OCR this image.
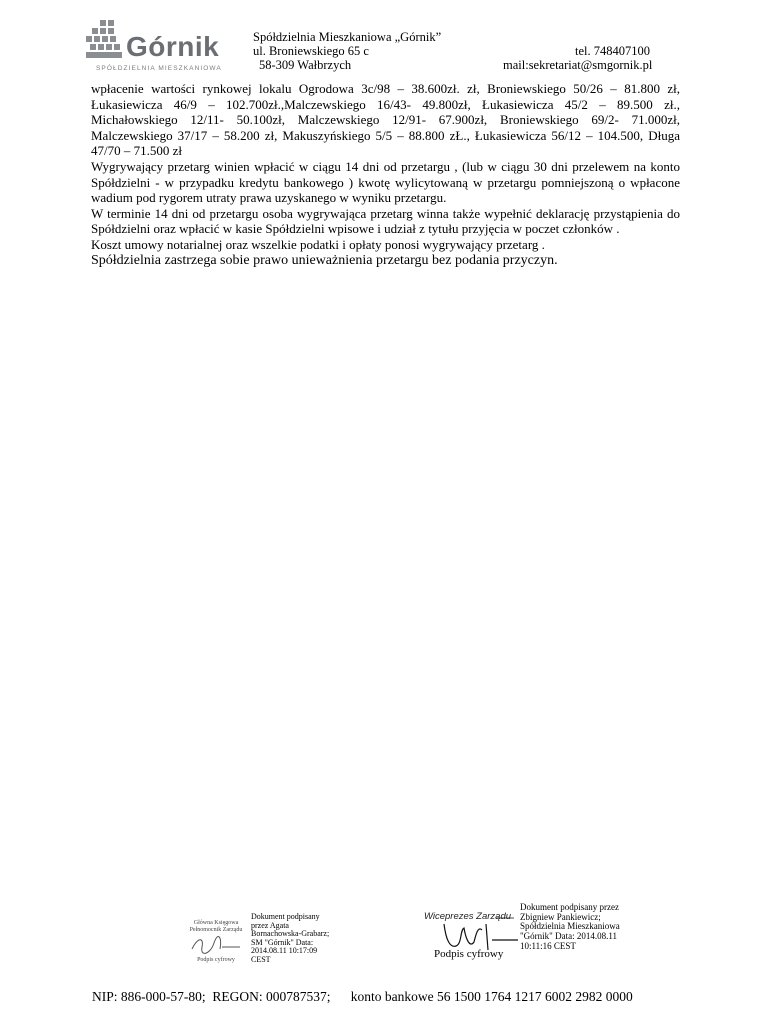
Górnik
SPÓŁDZIELNIA MIESZKANIOWA
Spółdzielnia Mieszkaniowa „Górnik”
ul. Broniewskiego 65 c
58-309 Wałbrzych
tel. 748407100
mail:sekretariat@smgornik.pl

wpłacenie wartości rynkowej lokalu Ogrodowa 3c/98 – 38.600zł. zł, Broniewskiego 50/26 – 81.800 zł, Łukasiewicza 46/9 – 102.700zł.,Malczewskiego 16/43- 49.800zł, Łukasiewicza 45/2 – 89.500 zł., Michałowskiego 12/11- 50.100zł, Malczewskiego 12/91- 67.900zł, Broniewskiego 69/2- 71.000zł, Malczewskiego 37/17 – 58.200 zł, Makuszyńskiego 5/5 – 88.800 zŁ., Łukasiewicza 56/12 – 104.500, Długa 47/70 – 71.500 zł

Wygrywający przetarg winien wpłacić w ciągu 14 dni od przetargu , (lub w ciągu 30 dni przelewem na konto Spółdzielni - w przypadku kredytu bankowego ) kwotę wylicytowaną w przetargu pomniejszoną o wpłacone wadium pod rygorem utraty prawa uzyskanego w wyniku przetargu.

W terminie 14 dni od przetargu osoba wygrywająca przetarg winna także wypełnić deklarację przystąpienia do Spółdzielni oraz wpłacić w kasie Spółdzielni wpisowe i udział z tytułu przyjęcia w poczet członków .

Koszt umowy notarialnej oraz wszelkie podatki i opłaty ponosi wygrywający przetarg .

Spółdzielnia zastrzega sobie prawo unieważnienia przetargu bez podania przyczyn.

Główna Księgowa Pełnomocnik Zarządu
Podpis cyfrowy
Dokument podpisany przez Agata Bornachowska-Grabarz; SM "Górnik" Data: 2014.08.11 10:17:09 CEST
Wiceprezes Zarządu
Podpis cyfrowy
Dokument podpisany przez Zbigniew Pankiewicz; Spółdzielnia Mieszkaniowa "Górnik" Data: 2014.08.11 10:11:16 CEST
NIP: 886-000-57-80; REGON: 000787537; konto bankowe 56 1500 1764 1217 6002 2982 0000
